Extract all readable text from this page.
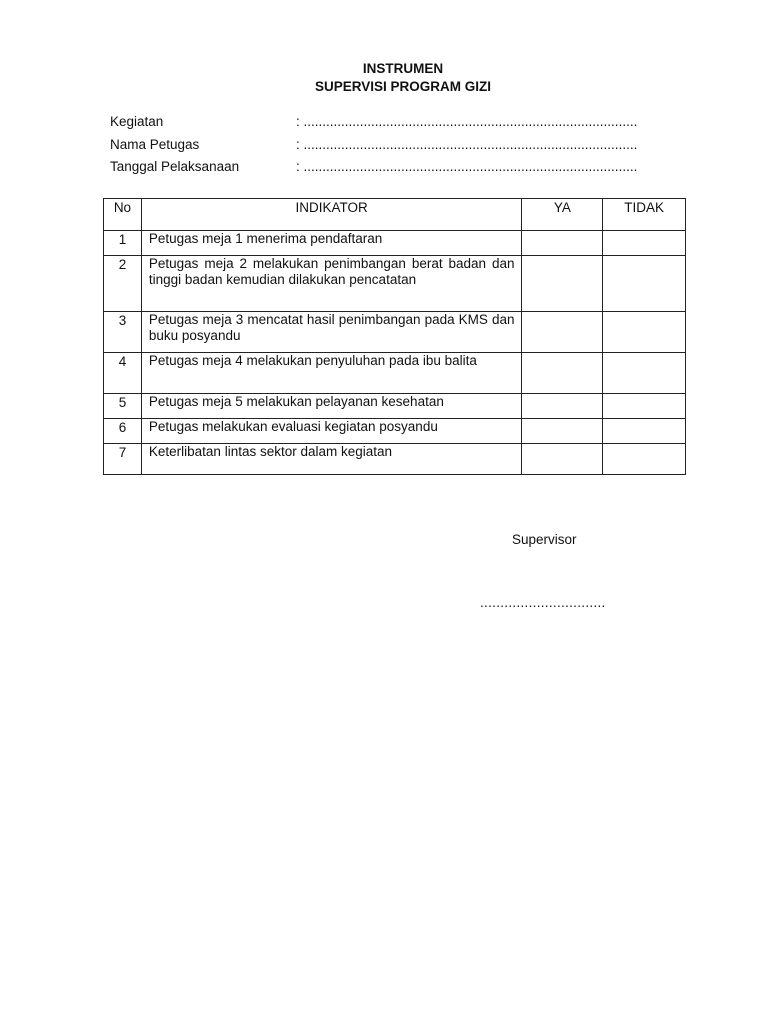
INSTRUMEN
SUPERVISI PROGRAM GIZI
Kegiatan	: .........................................................................................
Nama Petugas	: .........................................................................................
Tanggal Pelaksanaan	: .........................................................................................
No	INDIKATOR	YA	TIDAK

1	Petugas meja 1 menerima pendaftaran		

2	Petugas meja 2 melakukan penimbangan berat badan dan tinggi badan kemudian dilakukan pencatatan		

3	Petugas meja 3 mencatat hasil penimbangan pada KMS dan buku posyandu		

4	Petugas meja 4 melakukan penyuluhan pada ibu balita		

5	Petugas meja 5 melakukan pelayanan kesehatan		

6	Petugas melakukan evaluasi kegiatan posyandu		

7	Keterlibatan lintas sektor dalam kegiatan		

Supervisor
...............................
